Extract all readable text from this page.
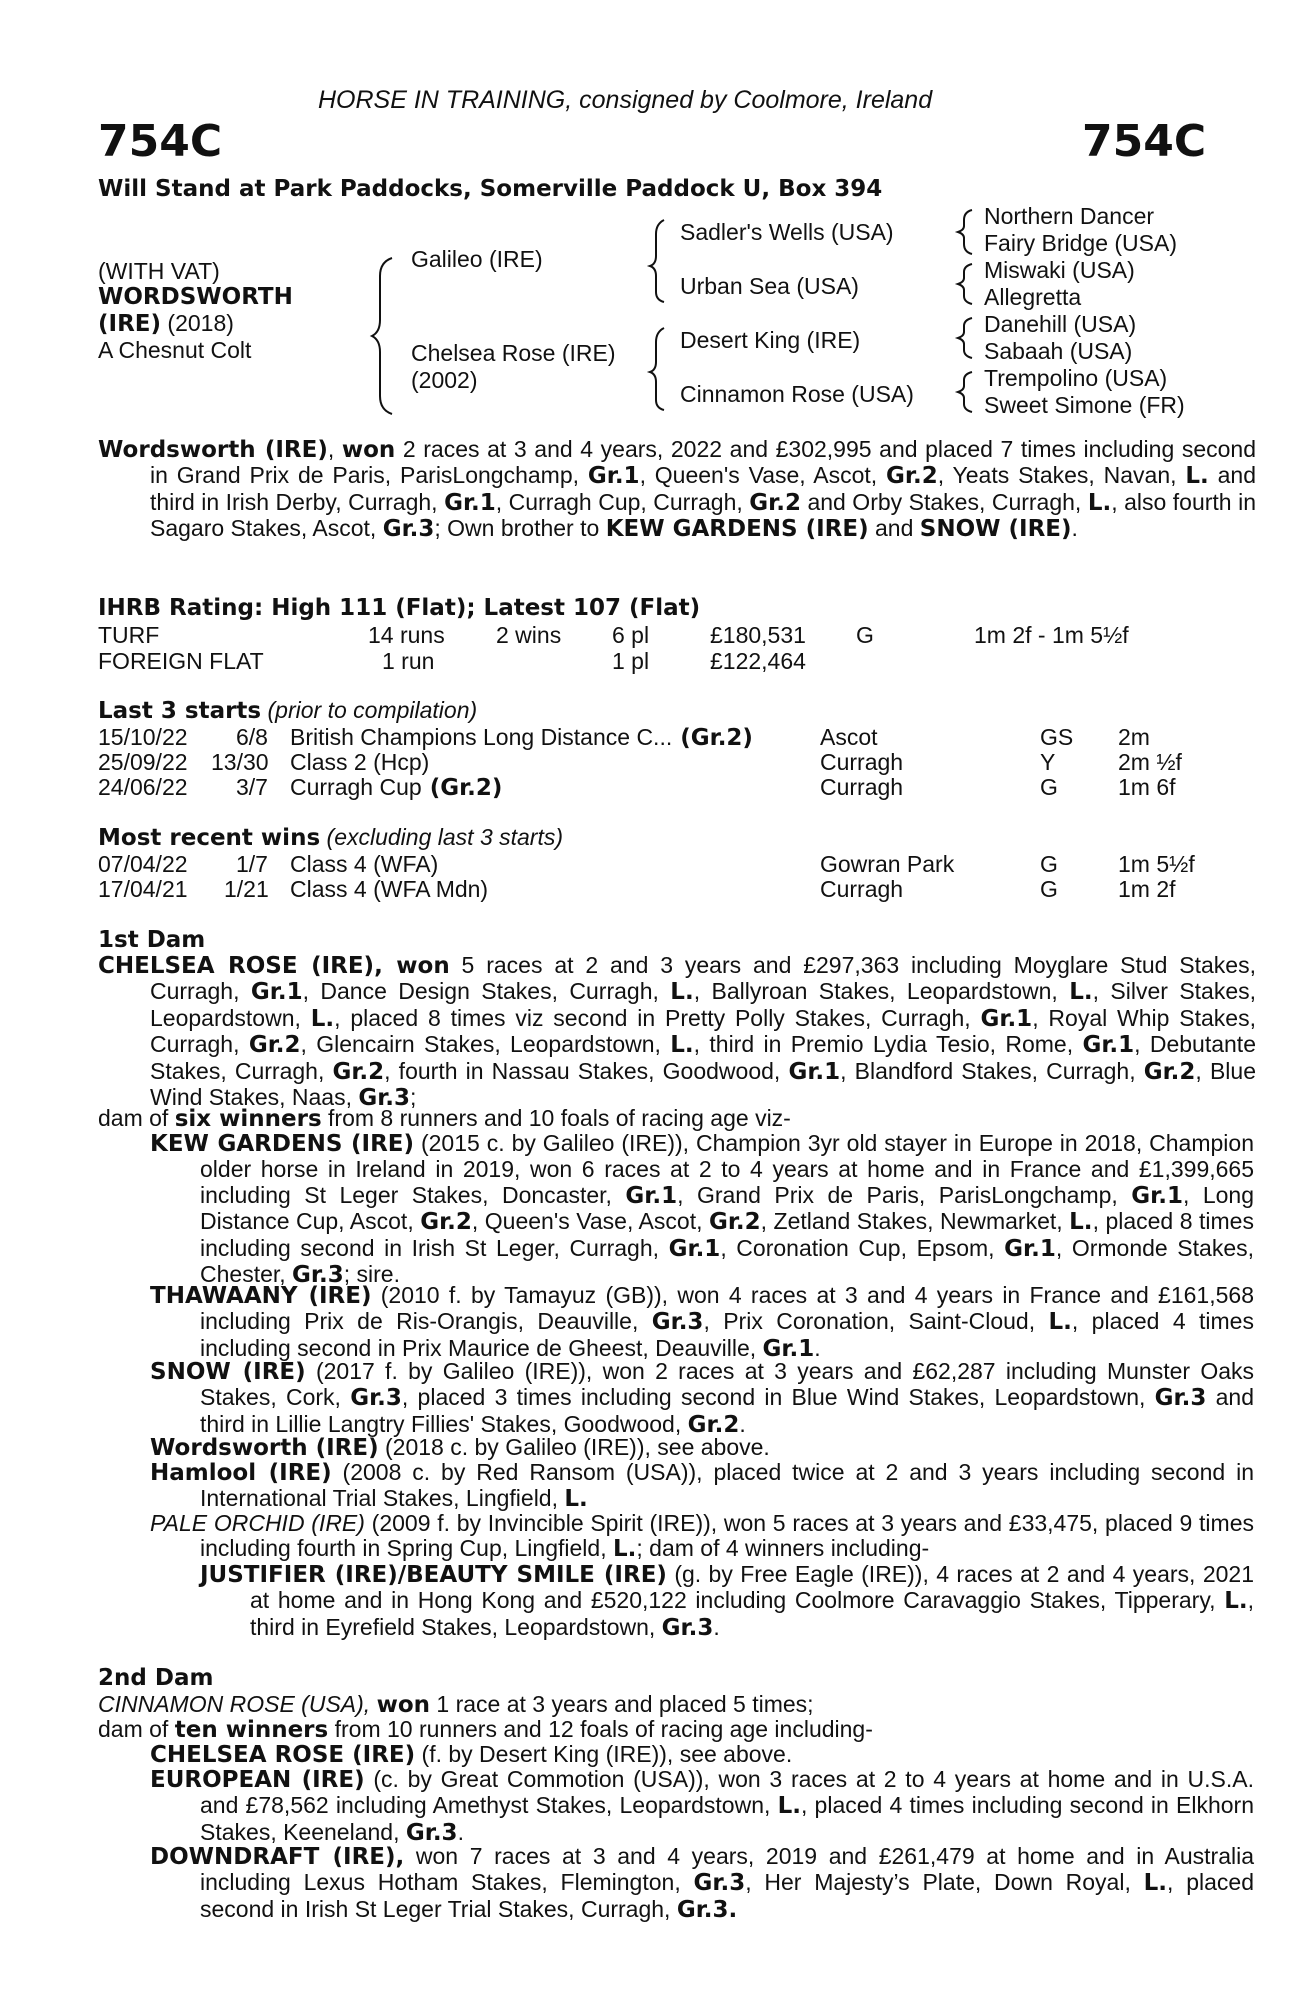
HORSE IN TRAINING, consigned by Coolmore, Ireland
754C	754C
Will Stand at Park Paddocks, Somerville Paddock U, Box 394
(WITH VAT)
WORDSWORTH
(IRE) (2018)
A Chesnut Colt
Galileo (IRE)
Chelsea Rose (IRE)
(2002)
Sadler's Wells (USA)
Urban Sea (USA)
Desert King (IRE)
Cinnamon Rose (USA)
Northern Dancer
Fairy Bridge (USA)
Miswaki (USA)
Allegretta
Danehill (USA)
Sabaah (USA)
Trempolino (USA)
Sweet Simone (FR)
Wordsworth (IRE), won 2 races at 3 and 4 years, 2022 and £302,995 and placed 7 times including second in Grand Prix de Paris, ParisLongchamp, Gr.1, Queen's Vase, Ascot, Gr.2, Yeats Stakes, Navan, L. and third in Irish Derby, Curragh, Gr.1, Curragh Cup, Curragh, Gr.2 and Orby Stakes, Curragh, L., also fourth in Sagaro Stakes, Ascot, Gr.3; Own brother to KEW GARDENS (IRE) and SNOW (IRE).
IHRB Rating: High 111 (Flat); Latest 107 (Flat)
TURF	14 runs 2 wins 6 pl	£180,531 G	1m 2f - 1m 5½f
FOREIGN FLAT	1 run	1 pl	£122,464
Last 3 starts (prior to compilation)
15/10/22 6/8 British Champions Long Distance C... (Gr.2)	Ascot	GS 2m
25/09/22 13/30 Class 2 (Hcp)	Curragh	Y	2m ½f
24/06/22 3/7 Curragh Cup (Gr.2)	Curragh	G	1m 6f
Most recent wins (excluding last 3 starts)
07/04/22 1/7 Class 4 (WFA)	Gowran Park	G	1m 5½f
17/04/21 1/21 Class 4 (WFA Mdn)	Curragh	G	1m 2f
1st Dam
CHELSEA ROSE (IRE), won 5 races at 2 and 3 years and £297,363 including Moyglare Stud Stakes, Curragh, Gr.1, Dance Design Stakes, Curragh, L., Ballyroan Stakes, Leopardstown, L., Silver Stakes, Leopardstown, L., placed 8 times viz second in Pretty Polly Stakes, Curragh, Gr.1, Royal Whip Stakes, Curragh, Gr.2, Glencairn Stakes, Leopardstown, L., third in Premio Lydia Tesio, Rome, Gr.1, Debutante Stakes, Curragh, Gr.2, fourth in Nassau Stakes, Goodwood, Gr.1, Blandford Stakes, Curragh, Gr.2, Blue Wind Stakes, Naas, Gr.3;
dam of six winners from 8 runners and 10 foals of racing age viz-
KEW GARDENS (IRE) (2015 c. by Galileo (IRE)), Champion 3yr old stayer in Europe in 2018, Champion older horse in Ireland in 2019, won 6 races at 2 to 4 years at home and in France and £1,399,665 including St Leger Stakes, Doncaster, Gr.1, Grand Prix de Paris, ParisLongchamp, Gr.1, Long Distance Cup, Ascot, Gr.2, Queen's Vase, Ascot, Gr.2, Zetland Stakes, Newmarket, L., placed 8 times including second in Irish St Leger, Curragh, Gr.1, Coronation Cup, Epsom, Gr.1, Ormonde Stakes, Chester, Gr.3; sire.
THAWAANY (IRE) (2010 f. by Tamayuz (GB)), won 4 races at 3 and 4 years in France and £161,568 including Prix de Ris-Orangis, Deauville, Gr.3, Prix Coronation, Saint-Cloud, L., placed 4 times including second in Prix Maurice de Gheest, Deauville, Gr.1.
SNOW (IRE) (2017 f. by Galileo (IRE)), won 2 races at 3 years and £62,287 including Munster Oaks Stakes, Cork, Gr.3, placed 3 times including second in Blue Wind Stakes, Leopardstown, Gr.3 and third in Lillie Langtry Fillies' Stakes, Goodwood, Gr.2.
Wordsworth (IRE) (2018 c. by Galileo (IRE)), see above.
Hamlool (IRE) (2008 c. by Red Ransom (USA)), placed twice at 2 and 3 years including second in International Trial Stakes, Lingfield, L.
PALE ORCHID (IRE) (2009 f. by Invincible Spirit (IRE)), won 5 races at 3 years and £33,475, placed 9 times including fourth in Spring Cup, Lingfield, L.; dam of 4 winners including-
JUSTIFIER (IRE)/BEAUTY SMILE (IRE) (g. by Free Eagle (IRE)), 4 races at 2 and 4 years, 2021 at home and in Hong Kong and £520,122 including Coolmore Caravaggio Stakes, Tipperary, L., third in Eyrefield Stakes, Leopardstown, Gr.3.
2nd Dam
CINNAMON ROSE (USA), won 1 race at 3 years and placed 5 times;
dam of ten winners from 10 runners and 12 foals of racing age including-
CHELSEA ROSE (IRE) (f. by Desert King (IRE)), see above.
EUROPEAN (IRE) (c. by Great Commotion (USA)), won 3 races at 2 to 4 years at home and in U.S.A. and £78,562 including Amethyst Stakes, Leopardstown, L., placed 4 times including second in Elkhorn Stakes, Keeneland, Gr.3.
DOWNDRAFT (IRE), won 7 races at 3 and 4 years, 2019 and £261,479 at home and in Australia including Lexus Hotham Stakes, Flemington, Gr.3, Her Majesty’s Plate, Down Royal, L., placed second in Irish St Leger Trial Stakes, Curragh, Gr.3.
